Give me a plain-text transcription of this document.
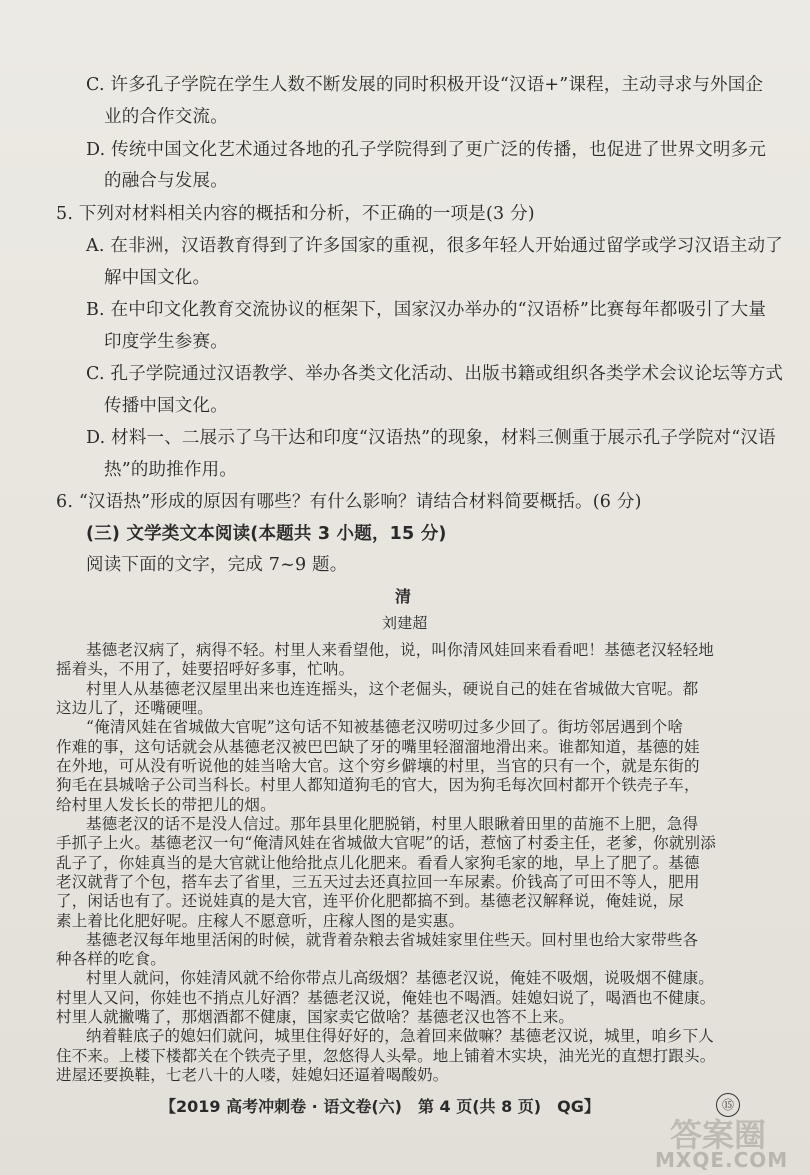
C. 许多孔子学院在学生人数不断发展的同时积极开设“汉语+”课程，主动寻求与外国企
业的合作交流。
D. 传统中国文化艺术通过各地的孔子学院得到了更广泛的传播，也促进了世界文明多元
的融合与发展。
5. 下列对材料相关内容的概括和分析，不正确的一项是(3 分)
A. 在非洲，汉语教育得到了许多国家的重视，很多年轻人开始通过留学或学习汉语主动了
解中国文化。
B. 在中印文化教育交流协议的框架下，国家汉办举办的“汉语桥”比赛每年都吸引了大量
印度学生参赛。
C. 孔子学院通过汉语教学、举办各类文化活动、出版书籍或组织各类学术会议论坛等方式
传播中国文化。
D. 材料一、二展示了乌干达和印度“汉语热”的现象，材料三侧重于展示孔子学院对“汉语
热”的助推作用。
6. “汉语热”形成的原因有哪些？有什么影响？请结合材料简要概括。(6 分)
(三) 文学类文本阅读(本题共 3 小题，15 分)
阅读下面的文字，完成 7~9 题。
清
刘建超
基德老汉病了，病得不轻。村里人来看望他，说，叫你清风娃回来看看吧！基德老汉轻轻地
摇着头，不用了，娃要招呼好多事，忙呐。
村里人从基德老汉屋里出来也连连摇头，这个老倔头，硬说自己的娃在省城做大官呢。都
这边儿了，还嘴硬哩。
“俺清风娃在省城做大官呢”这句话不知被基德老汉唠叨过多少回了。街坊邻居遇到个啥
作难的事，这句话就会从基德老汉被巴巴缺了牙的嘴里轻溜溜地滑出来。谁都知道，基德的娃
在外地，可从没有听说他的娃当啥大官。这个穷乡僻壤的村里，当官的只有一个，就是东街的
狗毛在县城啥子公司当科长。村里人都知道狗毛的官大，因为狗毛每次回村都开个铁壳子车，
给村里人发长长的带把儿的烟。
基德老汉的话不是没人信过。那年县里化肥脱销，村里人眼瞅着田里的苗施不上肥，急得
手抓子上火。基德老汉一句“俺清风娃在省城做大官呢”的话，惹恼了村委主任，老爹，你就别添
乱子了，你娃真当的是大官就让他给批点儿化肥来。看看人家狗毛家的地，早上了肥了。基德
老汉就背了个包，搭车去了省里，三五天过去还真拉回一车尿素。价钱高了可田不等人，肥用
了，闲话也有了。还说娃真的是大官，连平价化肥都搞不到。基德老汉解释说，俺娃说，尿
素上着比化肥好呢。庄稼人不愿意听，庄稼人图的是实惠。
基德老汉每年地里活闲的时候，就背着杂粮去省城娃家里住些天。回村里也给大家带些各
种各样的吃食。
村里人就问，你娃清风就不给你带点儿高级烟？基德老汉说，俺娃不吸烟，说吸烟不健康。
村里人又问，你娃也不捎点儿好酒？基德老汉说，俺娃也不喝酒。娃媳妇说了，喝酒也不健康。
村里人就撇嘴了，那烟酒都不健康，国家卖它做啥？基德老汉也答不上来。
纳着鞋底子的媳妇们就问，城里住得好好的，急着回来做嘛？基德老汉说，城里，咱乡下人
住不来。上楼下楼都关在个铁壳子里，忽悠得人头晕。地上铺着木实块，油光光的直想打跟头。
进屋还要换鞋，七老八十的人喽，娃媳妇还逼着喝酸奶。
【2019 高考冲刺卷 · 语文卷(六)　第 4 页(共 8 页)　QG】	⑮
答案圈
MXQE.COM
